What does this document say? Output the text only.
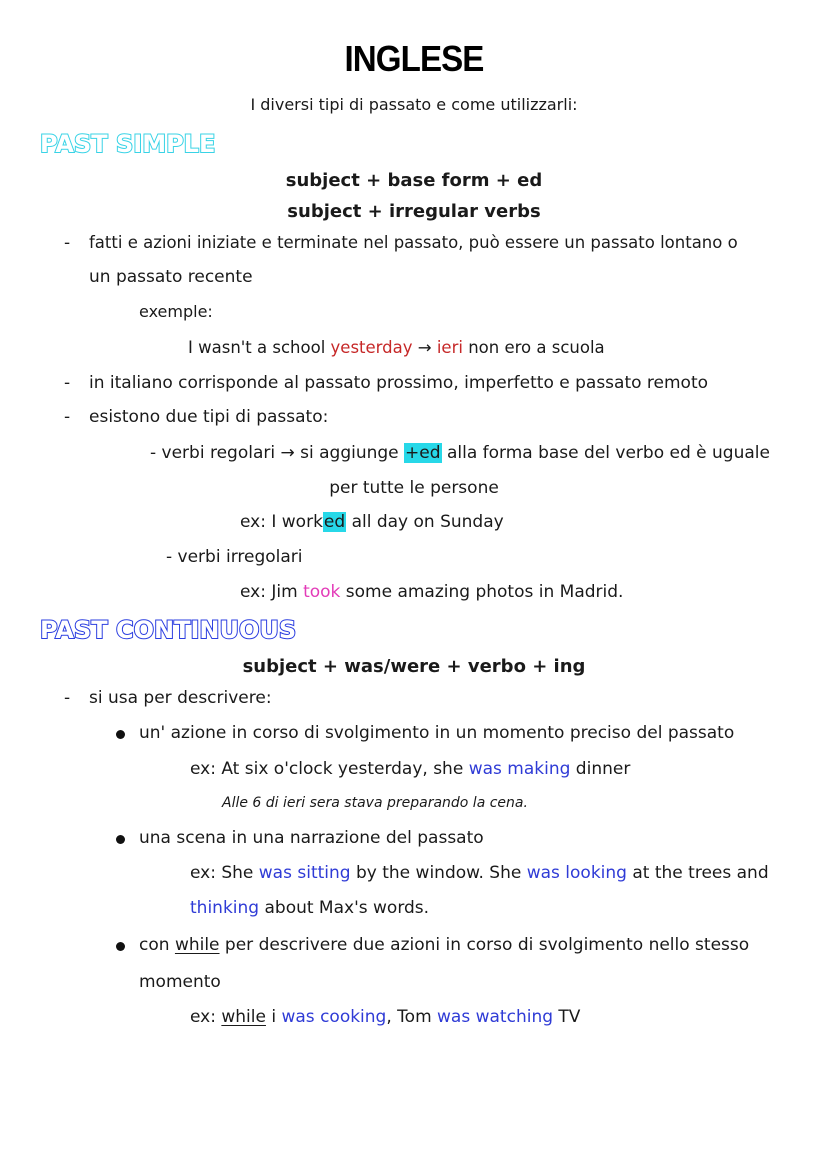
INGLESE
I diversi tipi di passato e come utilizzarli:
PAST SIMPLE
subject + base form + ed
subject + irregular verbs
- fatti e azioni iniziate e terminate nel passato, può essere un passato lontano o
un passato recente
exemple:
I wasn't a school yesterday → ieri non ero a scuola
- in italiano corrisponde al passato prossimo, imperfetto e passato remoto
- esistono due tipi di passato:
- verbi regolari → si aggiunge +ed alla forma base del verbo ed è uguale
per tutte le persone
ex: I worked all day on Sunday
- verbi irregolari
ex: Jim took some amazing photos in Madrid.
PAST CONTINUOUS
subject + was/were + verbo + ing
- si usa per descrivere:
un' azione in corso di svolgimento in un momento preciso del passato
ex: At six o'clock yesterday, she was making dinner
Alle 6 di ieri sera stava preparando la cena.
una scena in una narrazione del passato
ex: She was sitting by the window. She was looking at the trees and
thinking about Max's words.
con while per descrivere due azioni in corso di svolgimento nello stesso
momento
ex: while i was cooking, Tom was watching TV
